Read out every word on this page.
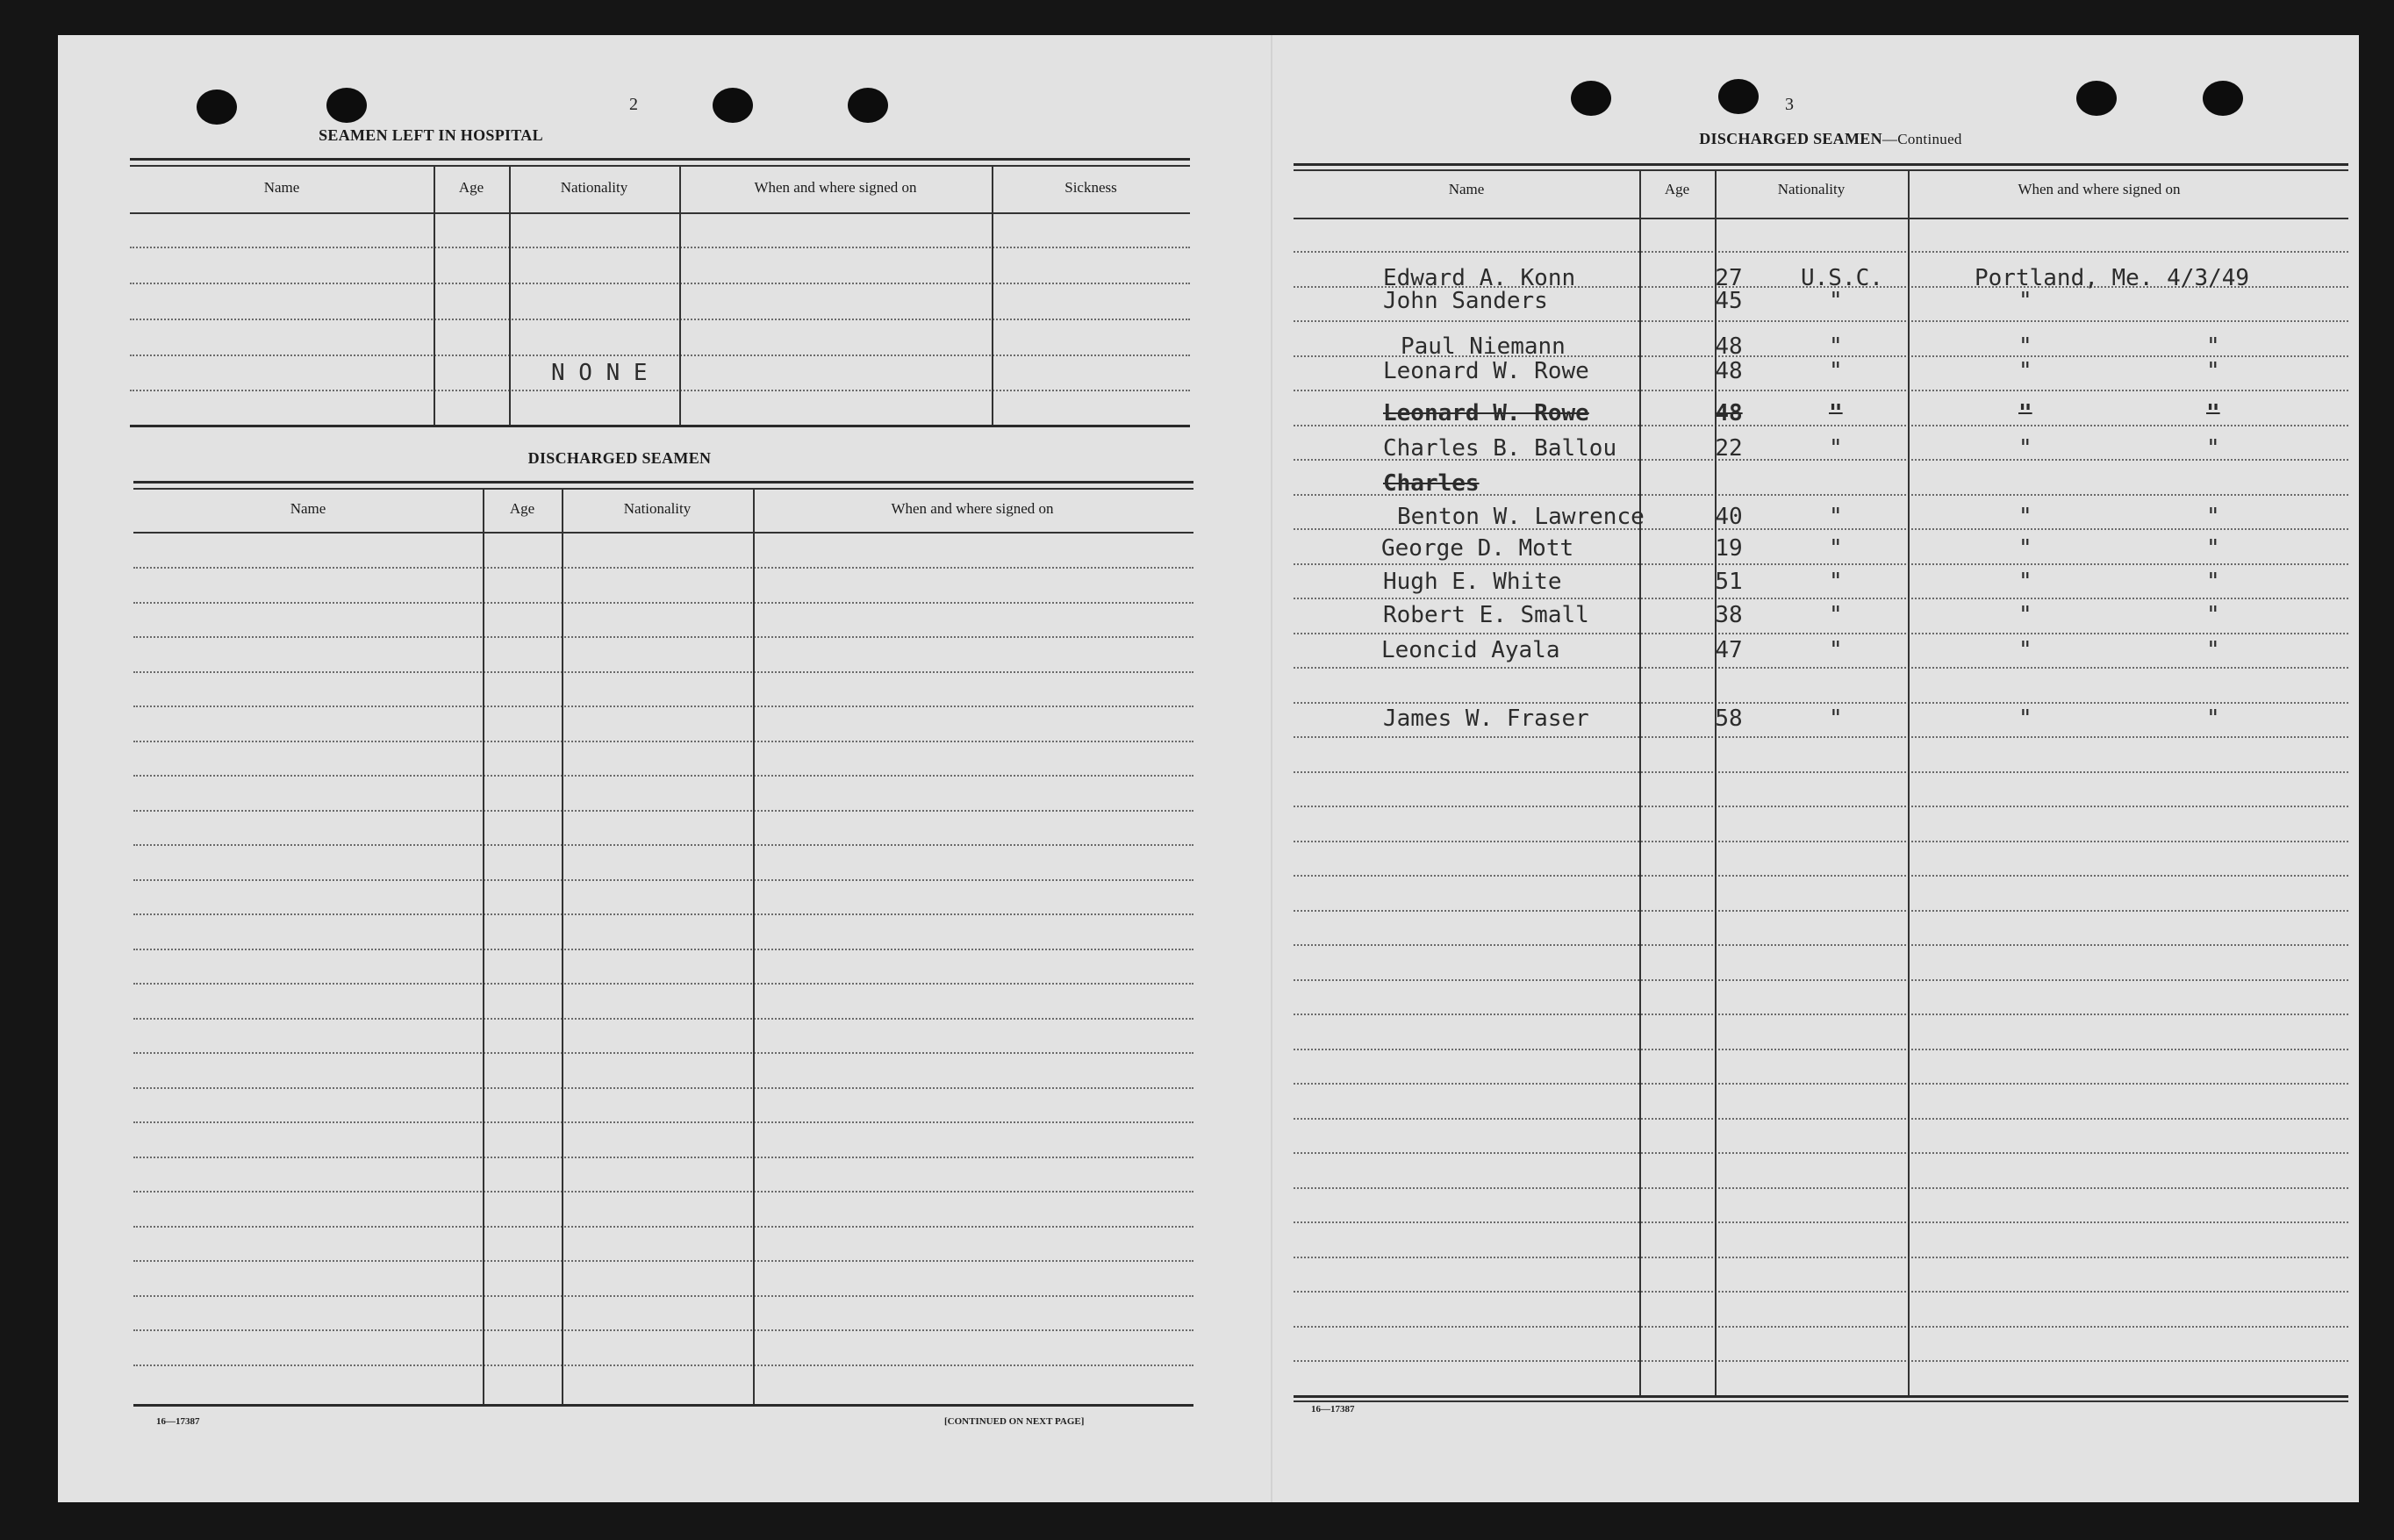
2
SEAMEN LEFT IN HOSPITAL
Name	Age	Nationality	When and where signed on	Sickness
N O N E
DISCHARGED SEAMEN
Name	Age	Nationality	When and where signed on
16—17387	[CONTINUED ON NEXT PAGE]
3
DISCHARGED SEAMEN—Continued
Name	Age	Nationality	When and where signed on
Edward A. Konn	27	U.S.C.	Portland, Me. 4/3/49
John Sanders	45	"	"
Paul Niemann	48	"	"	"
Leonard W. Rowe	48	"	"	"
Leonard W. Rowe	48	"	"	"
Charles B. Ballou	22	"	"	"
Charles
Benton W. Lawrence	40	"	"	"
George D. Mott	19	"	"	"
Hugh E. White	51	"	"	"
Robert E. Small	38	"	"	"
Leoncid Ayala	47	"	"	"
James W. Fraser	58	"	"	"
16—17387
